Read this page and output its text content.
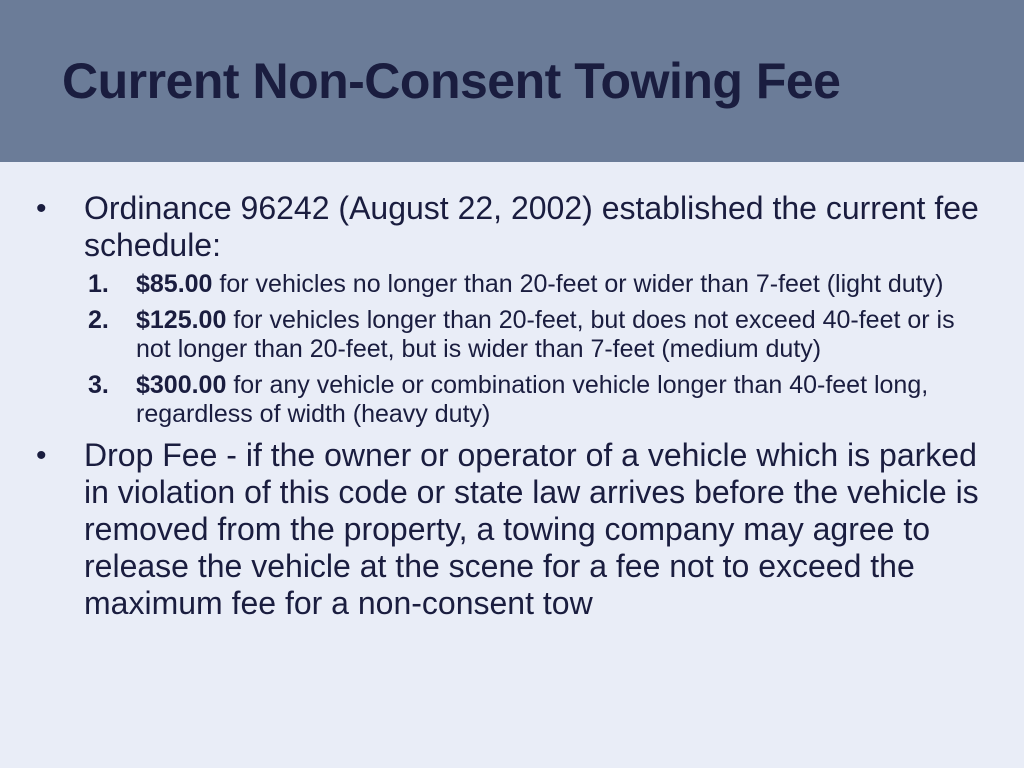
Current Non-Consent Towing Fee
• Ordinance 96242 (August 22, 2002) established the current fee schedule:
1. $85.00 for vehicles no longer than 20-feet or wider than 7-feet (light duty)
2. $125.00 for vehicles longer than 20-feet, but does not exceed 40-feet or is not longer than 20-feet, but is wider than 7-feet (medium duty)
3. $300.00 for any vehicle or combination vehicle longer than 40-feet long, regardless of width (heavy duty)
• Drop Fee - if the owner or operator of a vehicle which is parked in violation of this code or state law arrives before the vehicle is removed from the property, a towing company may agree to release the vehicle at the scene for a fee not to exceed the maximum fee for a non-consent tow
